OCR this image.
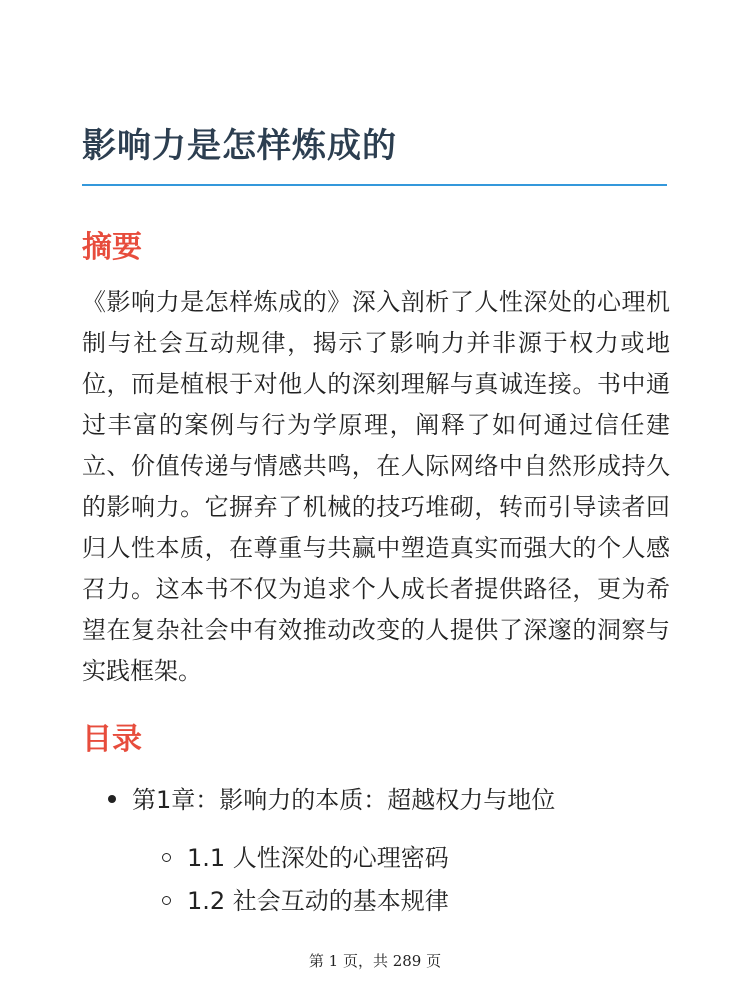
影响力是怎样炼成的
摘要

《影响力是怎样炼成的》深入剖析了人性深处的心理机制与社会互动规律，揭示了影响力并非源于权力或地位，而是植根于对他人的深刻理解与真诚连接。书中通过丰富的案例与行为学原理，阐释了如何通过信任建立、价值传递与情感共鸣，在人际网络中自然形成持久的影响力。它摒弃了机械的技巧堆砌，转而引导读者回归人性本质，在尊重与共赢中塑造真实而强大的个人感召力。这本书不仅为追求个人成长者提供路径，更为希望在复杂社会中有效推动改变的人提供了深邃的洞察与实践框架。

目录
第1章：影响力的本质：超越权力与地位
1.1 人性深处的心理密码
1.2 社会互动的基本规律
第 1 页，共 289 页
